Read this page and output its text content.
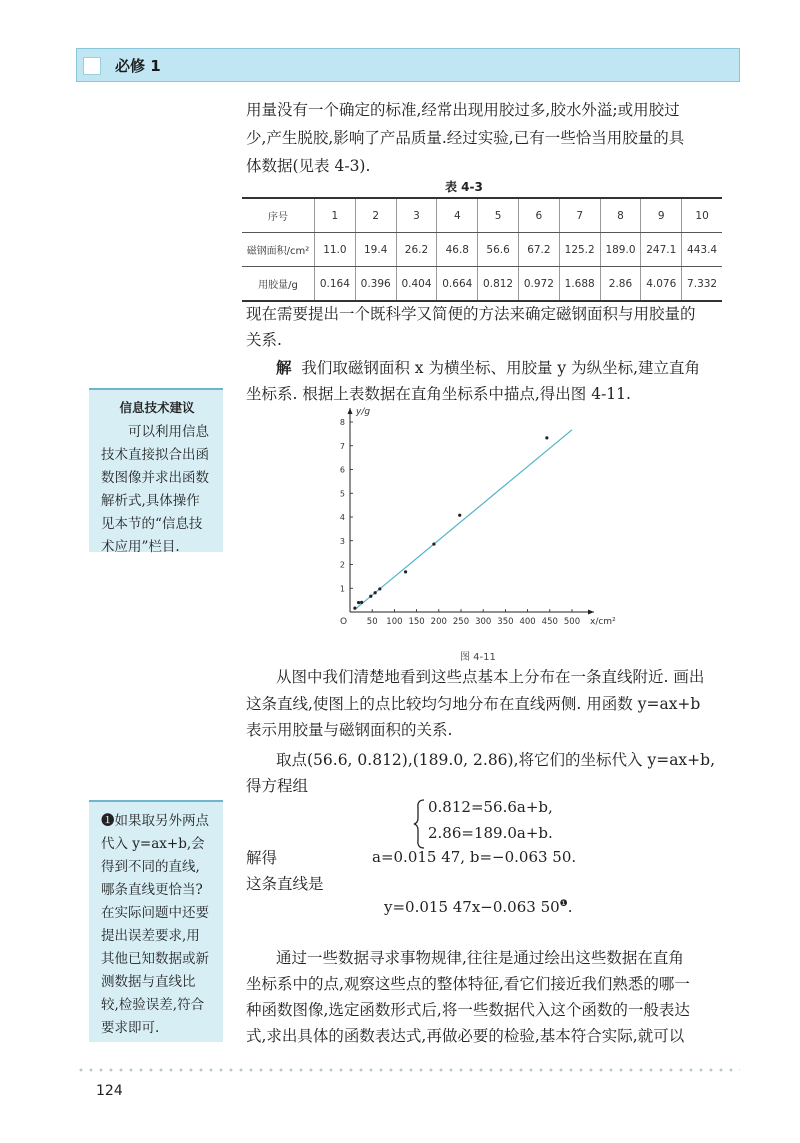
必修 1
用量没有一个确定的标准,经常出现用胶过多,胶水外溢;或用胶过
少,产生脱胶,影响了产品质量.经过实验,已有一些恰当用胶量的具
体数据(见表 4-3).
表 4-3
序号	1	2	3	4	5	6	7	8	9	10
磁钢面积/cm²	11.0	19.4	26.2	46.8	56.6	67.2	125.2	189.0	247.1	443.4
用胶量/g	0.164	0.396	0.404	0.664	0.812	0.972	1.688	2.86	4.076	7.332
现在需要提出一个既科学又简便的方法来确定磁钢面积与用胶量的
关系.
解 我们取磁钢面积 x 为横坐标、用胶量 y 为纵坐标,建立直角
坐标系. 根据上表数据在直角坐标系中描点,得出图 4-11.
信息技术建议
可以利用信息技术直接拟合出函数图像并求出函数解析式,具体操作见本节的“信息技术应用”栏目.
x/cm²
y/g
O 50 100 150 200 250 300 350 400 450 500
1
2
3
4
5
6
7
8
图 4-11
从图中我们清楚地看到这些点基本上分布在一条直线附近. 画出
这条直线,使图上的点比较均匀地分布在直线两侧. 用函数 y=ax+b
表示用胶量与磁钢面积的关系.
取点(56.6, 0.812),(189.0, 2.86),将它们的坐标代入 y=ax+b,
得方程组
0.812=56.6a+b,
2.86=189.0a+b.
解得	a=0.015 47, b=−0.063 50.
这条直线是
y=0.015 47x−0.063 $50^❶$.
❶如果取另外两点代入 y=ax+b,会得到不同的直线,哪条直线更恰当?在实际问题中还要提出误差要求,用其他已知数据或新测数据与直线比较,检验误差,符合要求即可.
通过一些数据寻求事物规律,往往是通过绘出这些数据在直角
坐标系中的点,观察这些点的整体特征,看它们接近我们熟悉的哪一
种函数图像,选定函数形式后,将一些数据代入这个函数的一般表达
式,求出具体的函数表达式,再做必要的检验,基本符合实际,就可以
124
